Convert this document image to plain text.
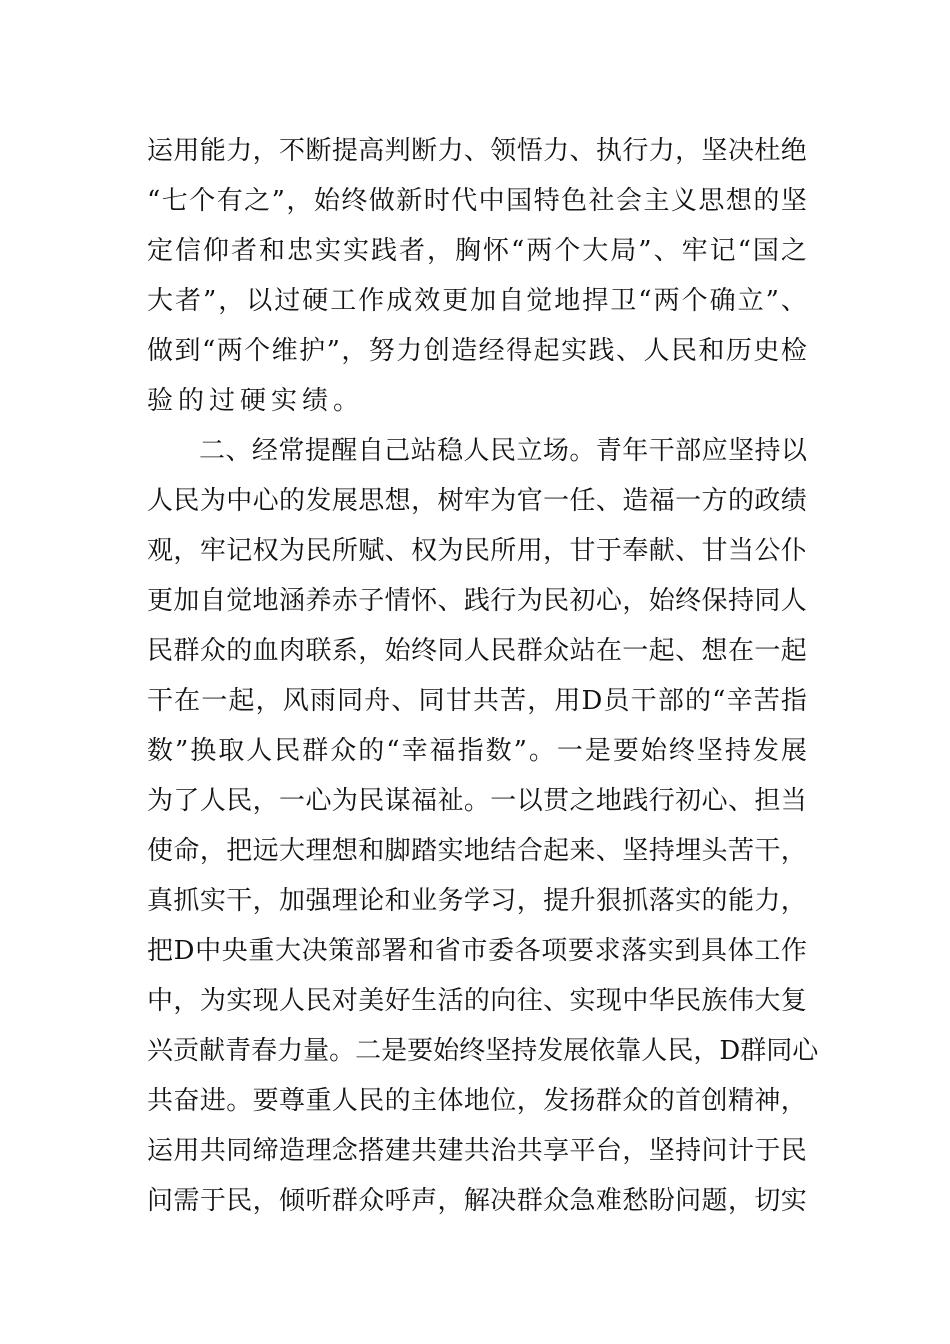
运 用 能 力 ， 不 断 提 高 判 断 力 、 领 悟 力 、 执 行 力 ， 坚 决 杜 绝
“ 七 个 有 之 ” ， 始 终 做 新 时 代 中 国 特 色 社 会 主 义 思 想 的 坚
定 信 仰 者 和 忠 实 实 践 者 ， 胸 怀 “ 两 个 大 局 ” 、 牢 记 “ 国 之
大 者 ” ， 以 过 硬 工 作 成 效 更 加 自 觉 地 捍 卫 “ 两 个 确 立 ” 、
做 到 “ 两 个 维 护 ” ， 努 力 创 造 经 得 起 实 践 、 人 民 和 历 史 检
验的过硬实绩。
二 、 经 常 提 醒 自 己 站 稳 人 民 立 场 。 青 年 干 部 应 坚 持 以
人 民 为 中 心 的 发 展 思 想 ， 树 牢 为 官 一 任 、 造 福 一 方 的 政 绩
观 ， 牢 记 权 为 民 所 赋 、 权 为 民 所 用 ， 甘 于 奉 献 、 甘 当 公 仆
更 加 自 觉 地 涵 养 赤 子 情 怀 、 践 行 为 民 初 心 ， 始 终 保 持 同 人
民 群 众 的 血 肉 联 系 ， 始 终 同 人 民 群 众 站 在 一 起 、 想 在 一 起
干 在 一 起 ， 风 雨 同 舟 、 同 甘 共 苦 ， 用 D 员 干 部 的 “ 辛 苦 指
数 ” 换 取 人 民 群 众 的 “ 幸 福 指 数 ” 。 一 是 要 始 终 坚 持 发 展
为 了 人 民 ， 一 心 为 民 谋 福 祉 。 一 以 贯 之 地 践 行 初 心 、 担 当
使 命 ， 把 远 大 理 想 和 脚 踏 实 地 结 合 起 来 、 坚 持 埋 头 苦 干 ，
真 抓 实 干 ， 加 强 理 论 和 业 务 学 习 ， 提 升 狠 抓 落 实 的 能 力 ，
把 D 中 央 重 大 决 策 部 署 和 省 市 委 各 项 要 求 落 实 到 具 体 工 作
中 ， 为 实 现 人 民 对 美 好 生 活 的 向 往 、 实 现 中 华 民 族 伟 大 复
兴 贡 献 青 春 力 量 。 二 是 要 始 终 坚 持 发 展 依 靠 人 民 ， D 群 同 心
共 奋 进 。 要 尊 重 人 民 的 主 体 地 位 ， 发 扬 群 众 的 首 创 精 神 ，
运 用 共 同 缔 造 理 念 搭 建 共 建 共 治 共 享 平 台 ， 坚 持 问 计 于 民
问 需 于 民 ， 倾 听 群 众 呼 声 ， 解 决 群 众 急 难 愁 盼 问 题 ， 切 实
